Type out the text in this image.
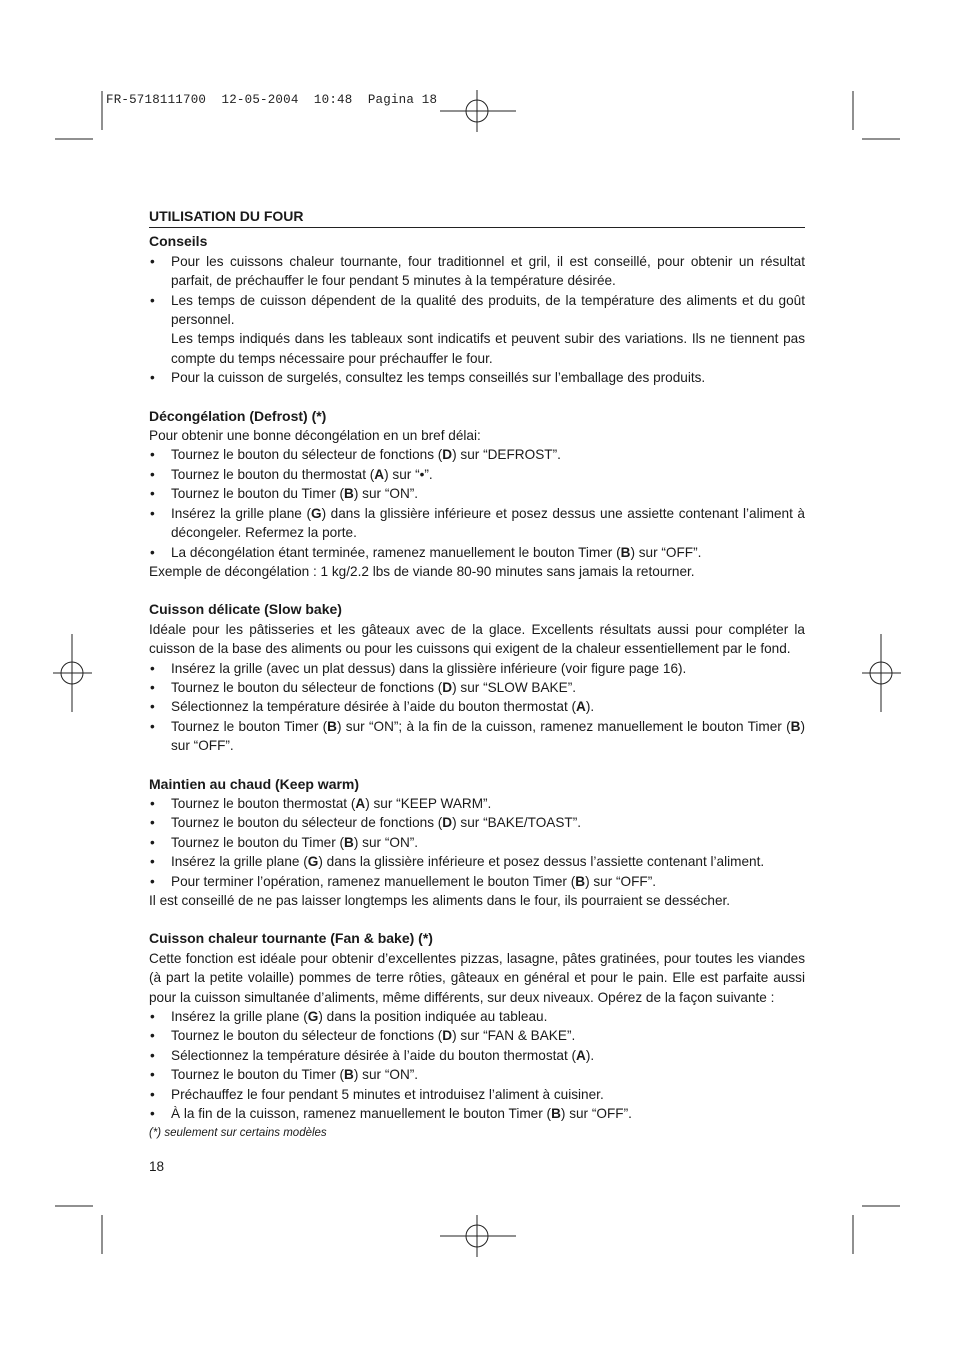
FR-5718111700  12-05-2004  10:48  Pagina 18
UTILISATION DU FOUR
Conseils
• Pour les cuissons chaleur tournante, four traditionnel et gril, il est conseillé, pour obtenir un résultat parfait, de préchauffer le four pendant 5 minutes à la température désirée.
• Les temps de cuisson dépendent de la qualité des produits, de la température des aliments et du goût personnel.
Les temps indiqués dans les tableaux sont indicatifs et peuvent subir des variations. Ils ne tiennent pas compte du temps nécessaire pour préchauffer le four.
• Pour la cuisson de surgelés, consultez les temps conseillés sur l’emballage des produits.
Décongélation (Defrost) (*)
Pour obtenir une bonne décongélation en un bref délai:
• Tournez le bouton du sélecteur de fonctions (D) sur “DEFROST”.
• Tournez le bouton du thermostat (A) sur “•”.
• Tournez le bouton du Timer (B) sur “ON”.
• Insérez la grille plane (G) dans la glissière inférieure et posez dessus une assiette contenant l’aliment à décongeler. Refermez la porte.
• La décongélation étant terminée, ramenez manuellement le bouton Timer (B) sur “OFF”.
Exemple de décongélation : 1 kg/2.2 lbs de viande 80-90 minutes sans jamais la retourner.
Cuisson délicate (Slow bake)
Idéale pour les pâtisseries et les gâteaux avec de la glace. Excellents résultats aussi pour compléter la cuisson de la base des aliments ou pour les cuissons qui exigent de la chaleur essentiellement par le fond.
• Insérez la grille (avec un plat dessus) dans la glissière inférieure (voir figure page 16).
• Tournez le bouton du sélecteur de fonctions (D) sur “SLOW BAKE”.
• Sélectionnez la température désirée à l’aide du bouton thermostat (A).
• Tournez le bouton Timer (B) sur “ON”; à la fin de la cuisson, ramenez manuellement le bouton Timer (B) sur “OFF”.
Maintien au chaud (Keep warm)
• Tournez le bouton thermostat (A) sur “KEEP WARM”.
• Tournez le bouton du sélecteur de fonctions (D) sur “BAKE/TOAST”.
• Tournez le bouton du Timer (B) sur “ON”.
• Insérez la grille plane (G) dans la glissière inférieure et posez dessus l’assiette contenant l’aliment.
• Pour terminer l’opération, ramenez manuellement le bouton Timer (B) sur “OFF”.
Il est conseillé de ne pas laisser longtemps les aliments dans le four, ils pourraient se dessécher.
Cuisson chaleur tournante (Fan & bake) (*)
Cette fonction est idéale pour obtenir d’excellentes pizzas, lasagne, pâtes gratinées, pour toutes les viandes (à part la petite volaille) pommes de terre rôties, gâteaux en général et pour le pain. Elle est parfaite aussi pour la cuisson simultanée d’aliments, même différents, sur deux niveaux. Opérez de la façon suivante :
• Insérez la grille plane (G) dans la position indiquée au tableau.
• Tournez le bouton du sélecteur de fonctions (D) sur “FAN & BAKE”.
• Sélectionnez la température désirée à l’aide du bouton thermostat (A).
• Tournez le bouton du Timer (B) sur “ON”.
• Préchauffez le four pendant 5 minutes et introduisez l’aliment à cuisiner.
• À la fin de la cuisson, ramenez manuellement le bouton Timer (B) sur “OFF”.
(*) seulement sur certains modèles
18
